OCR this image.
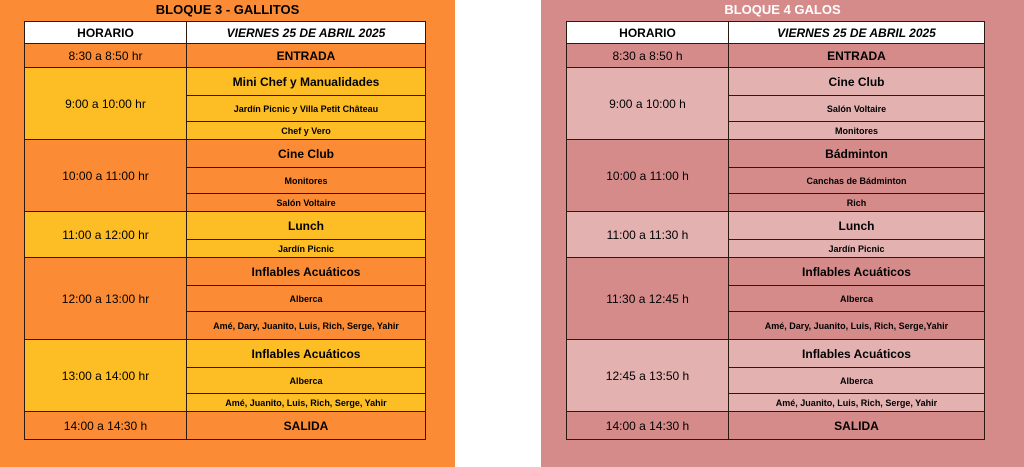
BLOQUE 3 - GALLITOS
HORARIO	VIERNES 25 DE ABRIL 2025
8:30 a 8:50 hr	ENTRADA
9:00 a 10:00 hr	Mini Chef y Manualidades
	Jardín Picnic y Villa Petit Château
	Chef y Vero
10:00 a 11:00 hr	Cine Club
	Monitores
	Salón Voltaire
11:00 a 12:00 hr	Lunch
	Jardín Picnic
12:00 a 13:00 hr	Inflables Acuáticos
	Alberca
	Amé, Dary, Juanito, Luis, Rich, Serge, Yahir
13:00 a 14:00 hr	Inflables Acuáticos
	Alberca
	Amé, Juanito, Luis, Rich, Serge, Yahir
14:00 a 14:30 h	SALIDA
BLOQUE 4 GALOS
HORARIO	VIERNES 25 DE ABRIL 2025
8:30 a 8:50 h	ENTRADA
9:00 a 10:00 h	Cine Club
	Salón Voltaire
	Monitores
10:00 a 11:00 h	Bádminton
	Canchas de Bádminton
	Rich
11:00 a 11:30 h	Lunch
	Jardín Picnic
11:30 a 12:45 h	Inflables Acuáticos
	Alberca
	Amé, Dary, Juanito, Luis, Rich, Serge,Yahir
12:45 a 13:50 h	Inflables Acuáticos
	Alberca
	Amé, Juanito, Luis, Rich, Serge, Yahir
14:00 a 14:30 h	SALIDA
